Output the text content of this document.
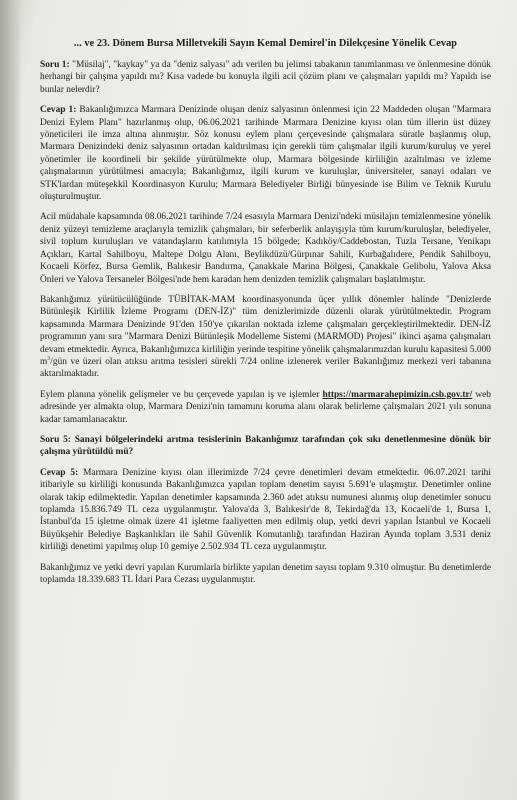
... ve 23. Dönem Bursa Milletvekili Sayın Kemal Demirel'in Dilekçesine Yönelik Cevap

Soru 1: "Müsilaj", "kaykay" ya da "deniz salyası" adı verilen bu jelimsi tabakanın tanımlanması ve önlenmesine dönük herhangi bir çalışma yapıldı mı? Kısa vadede bu konuyla ilgili acil çözüm planı ve çalışmaları yapıldı mı? Yapıldı ise bunlar nelerdir?

Cevap 1: Bakanlığımızca Marmara Denizinde oluşan deniz salyasının önlenmesi için 22 Maddeden oluşan "Marmara Denizi Eylem Planı" hazırlanmış olup, 06.06.2021 tarihinde Marmara Denizine kıyısı olan tüm illerin üst düzey yöneticileri ile imza altına alınmıştır. Söz konusu eylem planı çerçevesinde çalışmalara süratle başlanmış olup, Marmara Denizindeki deniz salyasının ortadan kaldırılması için gerekli tüm çalışmalar ilgili kurum/kuruluş ve yerel yönetimler ile koordineli bir şekilde yürütülmekte olup, Marmara bölgesinde kirliliğin azaltılması ve izleme çalışmalarının yürütülmesi amacıyla; Bakanlığımız, ilgili kurum ve kuruluşlar, üniversiteler, sanayi odaları ve STK'lardan müteşekkil Koordinasyon Kurulu; Marmara Belediyeler Birliği bünyesinde ise Bilim ve Teknik Kurulu oluşturulmuştur.

Acil müdahale kapsamında 08.06.2021 tarihinde 7/24 esasıyla Marmara Denizi'ndeki müsilajın temizlenmesine yönelik deniz yüzeyi temizleme araçlarıyla temizlik çalışmaları, bir seferberlik anlayışıyla tüm kurum/kuruluşlar, belediyeler, sivil toplum kuruluşları ve vatandaşların katılımıyla 15 bölgede; Kadıköy/Caddebostan, Tuzla Tersane, Yenikapı Açıkları, Kartal Sahilboyu, Maltepe Dolgu Alanı, Beylikdüzü/Gürpınar Sahili, Kurbağalıdere, Pendik Sahilboyu, Kocaeli Körfez, Bursa Gemlik, Balıkesir Bandırma, Çanakkale Marina Bölgesi, Çanakkale Gelibolu, Yalova Aksa Önleri ve Yalova Tersaneler Bölgesi'nde hem karadan hem denizden temizlik çalışmaları başlatılmıştır.

Bakanlığımız yürütücülüğünde TÜBİTAK-MAM koordinasyonunda üçer yıllık dönemler halinde "Denizlerde Bütünleşik Kirlilik İzleme Programı (DEN-İZ)" tüm denizlerimizde düzenli olarak yürütülmektedir. Program kapsamında Marmara Denizinde 91'den 150'ye çıkarılan noktada izleme çalışmaları gerçekleştirilmektedir. DEN-İZ programının yanı sıra "Marmara Denizi Bütünleşik Modelleme Sistemi (MARMOD) Projesi" ikinci aşama çalışmaları devam etmektedir. Ayrıca, Bakanlığımızca kirliliğin yerinde tespitine yönelik çalışmalarımızdan kurulu kapasitesi 5.000 $m^3$/gün ve üzeri olan atıksu arıtma tesisleri sürekli 7/24 online izlenerek veriler Bakanlığımız merkezi veri tabanına aktarılmaktadır.

Eylem planına yönelik gelişmeler ve bu çerçevede yapılan iş ve işlemler https://marmarahepimizin.csb.gov.tr/ web adresinde yer almakta olup, Marmara Denizi'nin tamamını koruma alanı olarak belirleme çalışmaları 2021 yılı sonuna kadar tamamlanacaktır.

Soru 5: Sanayi bölgelerindeki arıtma tesislerinin Bakanlığımız tarafından çok sıkı denetlenmesine dönük bir çalışma yürütüldü mü?

Cevap 5: Marmara Denizine kıyısı olan illerimizde 7/24 çevre denetimleri devam etmektedir. 06.07.2021 tarihi itibariyle su kirliliği konusunda Bakanlığımızca yapılan toplam denetim sayısı 5.691'e ulaşmıştır. Denetimler online olarak takip edilmektedir. Yapılan denetimler kapsamında 2.360 adet atıksu numunesi alınmış olup denetimler sonucu toplamda 15.836.749 TL ceza uygulanmıştır. Yalova'da 3, Balıkesir'de 8, Tekirdağ'da 13, Kocaeli'de 1, Bursa 1, İstanbul'da 15 işletme olmak üzere 41 işletme faaliyetten men edilmiş olup, yetki devri yapılan İstanbul ve Kocaeli Büyükşehir Belediye Başkanlıkları ile Sahil Güvenlik Komutanlığı tarafından Haziran Ayında toplam 3.531 deniz kirliliği denetimi yapılmış olup 10 gemiye 2.502.934 TL ceza uygulanmıştır.

Bakanlığımız ve yetki devri yapılan Kurumlarla birlikte yapılan denetim sayısı toplam 9.310 olmuştur. Bu denetimlerde toplamda 18.339.683 TL İdari Para Cezası uygulanmıştır.
